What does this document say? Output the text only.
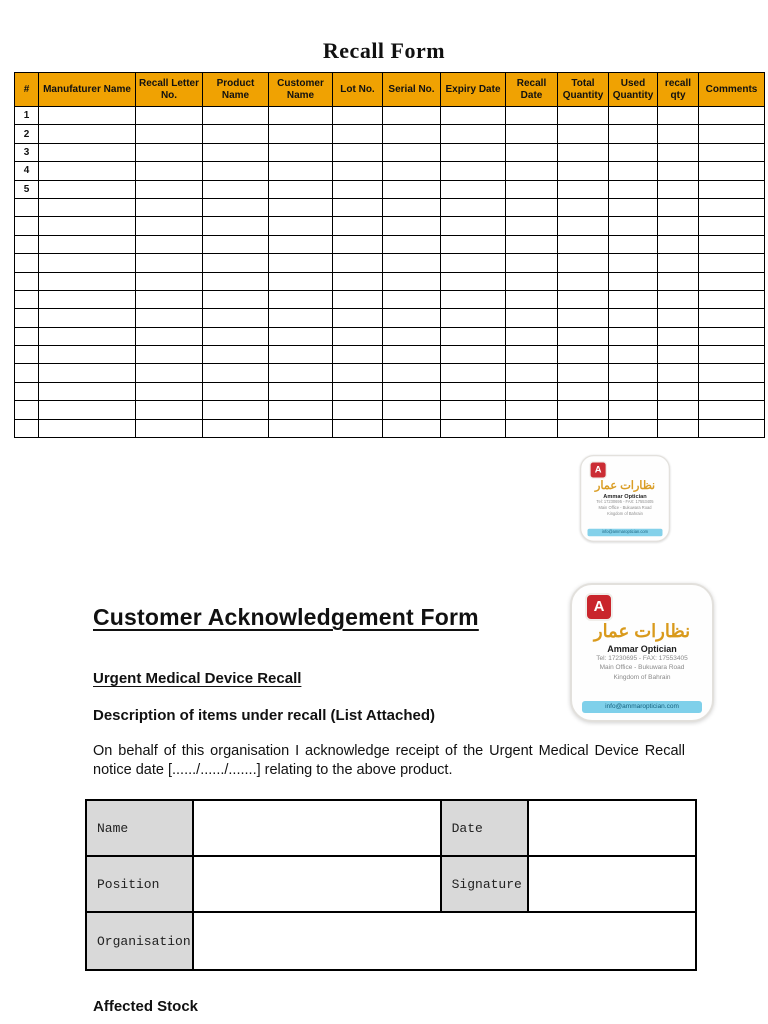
Recall Form
#	Manufaturer Name	Recall Letter No.	Product Name	Customer Name	Lot No.	Serial No.	Expiry Date	Recall Date	Total Quantity	Used Quantity	recall qty	Comments
1												
2												
3												
4												
5												

A
نظارات عمار
Ammar Optician
Tel: 17230695 - FAX: 17553405
Main Office - Bukuwara Road
Kingdom of Bahrain
info@ammaroptician.com
A
نظارات عمار
Ammar Optician
Tel: 17230695 - FAX: 17553405
Main Office - Bukuwara Road
Kingdom of Bahrain
info@ammaroptician.com
Customer Acknowledgement Form
Urgent Medical Device Recall
Description of items under recall (List Attached)

On behalf of this organisation I acknowledge receipt of the Urgent Medical Device Recall notice date [....../....../.......] relating to the above product.

Name		Date	
Position		Signature	
Organisation			
Affected Stock
